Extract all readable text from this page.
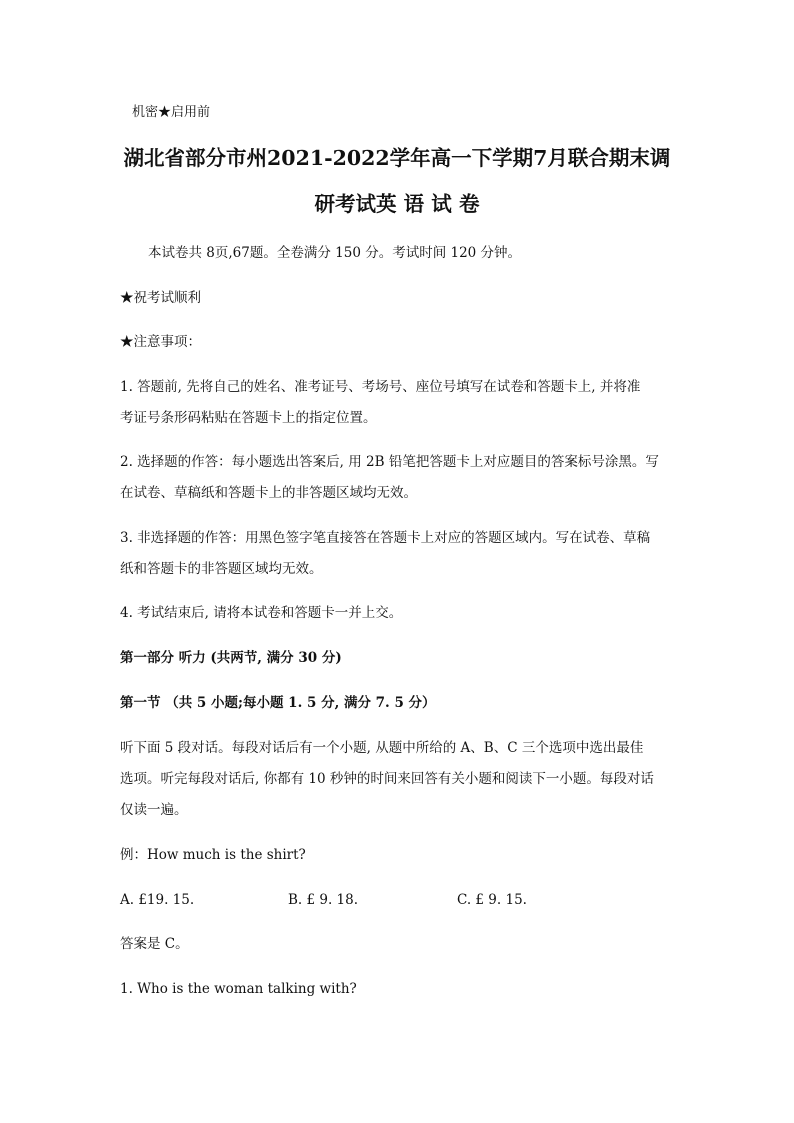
机密★启用前
湖北省部分市州2021-2022学年高一下学期7月联合期末调
研考试英 语 试 卷
本试卷共 8页,67题。全卷满分 150 分。考试时间 120 分钟。
★祝考试顺利
★注意事项：
1. 答题前, 先将自己的姓名、准考证号、考场号、座位号填写在试卷和答题卡上, 并将准
考证号条形码粘贴在答题卡上的指定位置。
2. 选择题的作答：每小题选出答案后, 用 2B 铅笔把答题卡上对应题目的答案标号涂黑。写
在试卷、草稿纸和答题卡上的非答题区域均无效。
3. 非选择题的作答：用黑色签字笔直接答在答题卡上对应的答题区域内。写在试卷、草稿
纸和答题卡的非答题区域均无效。
4. 考试结束后, 请将本试卷和答题卡一并上交。
第一部分 听力 (共两节, 满分 30 分)
第一节 （共 5 小题;每小题 1. 5 分, 满分 7. 5 分）
听下面 5 段对话。每段对话后有一个小题, 从题中所给的 A、B、C 三个选项中选出最佳
选项。听完每段对话后, 你都有 10 秒钟的时间来回答有关小题和阅读下一小题。每段对话
仅读一遍。
例：How much is the shirt?
A. £19. 15.	B. £ 9. 18.	C. £ 9. 15.
答案是 C。
1. Who is the woman talking with?
